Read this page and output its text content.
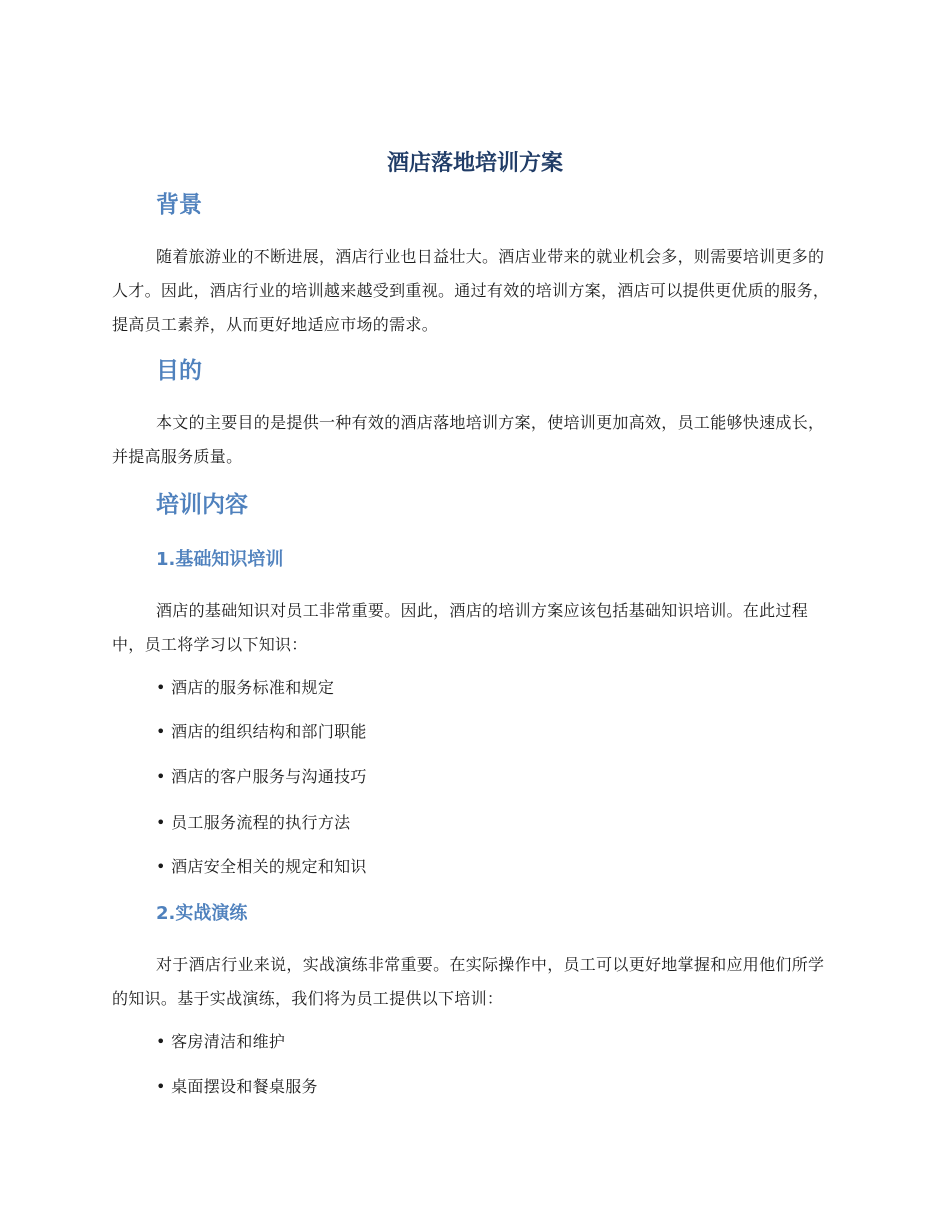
酒店落地培训方案
背景

随着旅游业的不断进展，酒店行业也日益壮大。酒店业带来的就业机会多，则需要培训更多的人才。因此，酒店行业的培训越来越受到重视。通过有效的培训方案，酒店可以提供更优质的服务，提高员工素养，从而更好地适应市场的需求。

目的

本文的主要目的是提供一种有效的酒店落地培训方案，使培训更加高效，员工能够快速成长，并提高服务质量。

培训内容
1.基础知识培训

酒店的基础知识对员工非常重要。因此，酒店的培训方案应该包括基础知识培训。在此过程中，员工将学习以下知识：

• 酒店的服务标准和规定
• 酒店的组织结构和部门职能
• 酒店的客户服务与沟通技巧
• 员工服务流程的执行方法
• 酒店安全相关的规定和知识
2.实战演练

对于酒店行业来说，实战演练非常重要。在实际操作中，员工可以更好地掌握和应用他们所学的知识。基于实战演练，我们将为员工提供以下培训：

• 客房清洁和维护
• 桌面摆设和餐桌服务
